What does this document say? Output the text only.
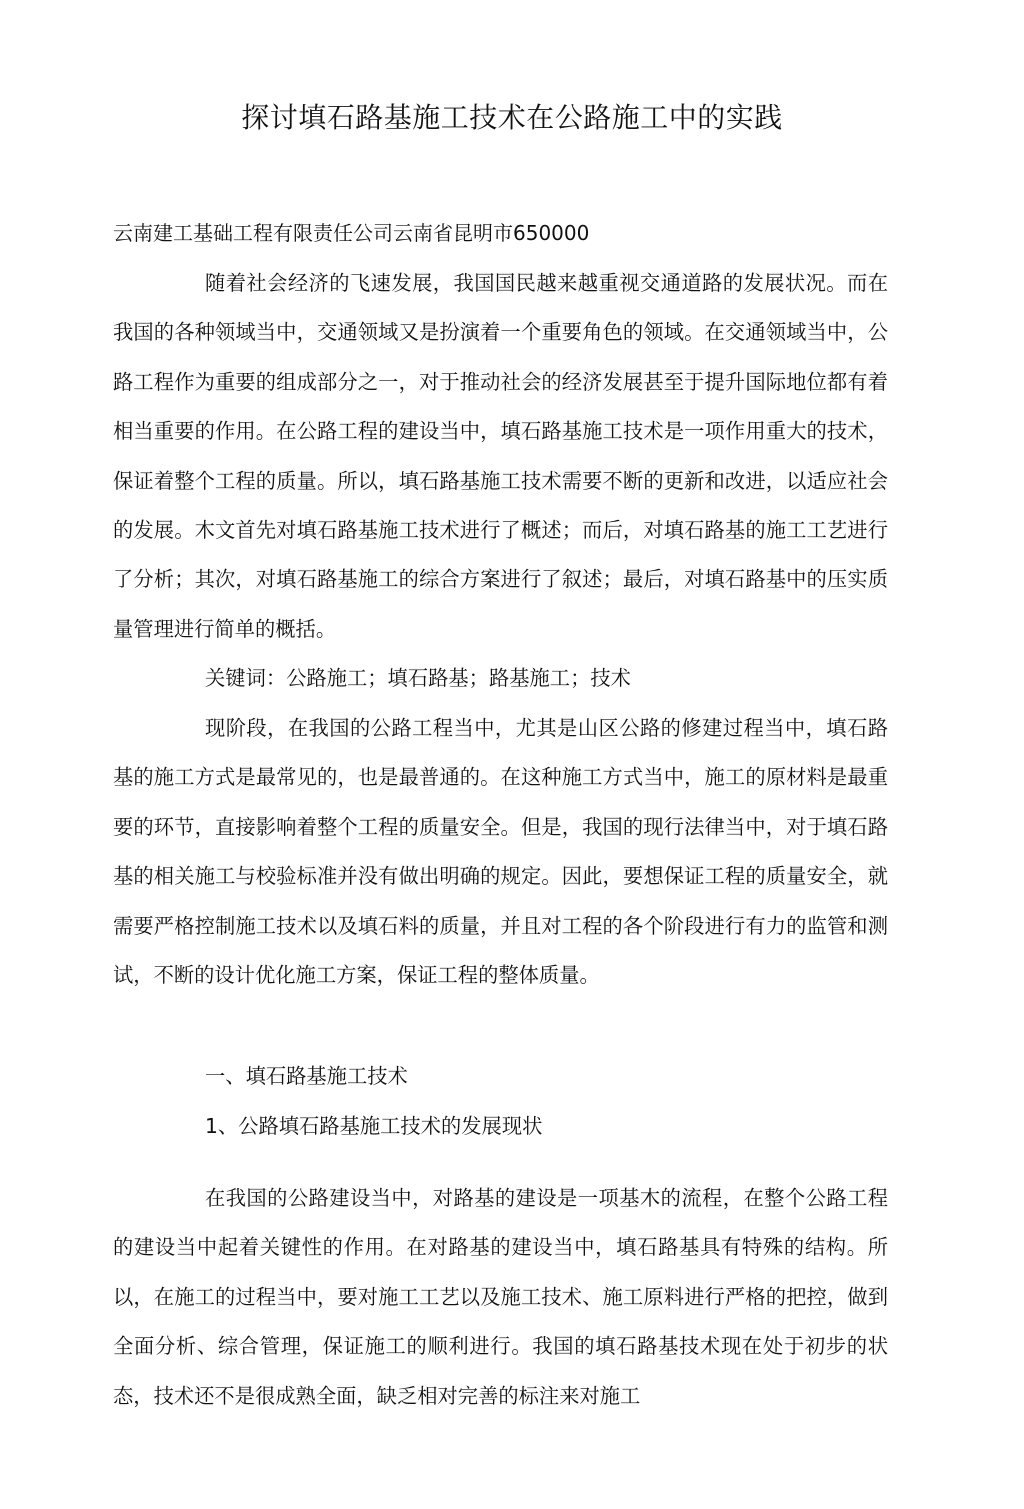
探讨填石路基施工技术在公路施工中的实践

云南建工基础工程有限责任公司云南省昆明市650000

随着社会经济的飞速发展，我国国民越来越重视交通道路的发展状况。而在我国的各种领域当中，交通领域又是扮演着一个重要角色的领域。在交通领域当中，公路工程作为重要的组成部分之一，对于推动社会的经济发展甚至于提升国际地位都有着相当重要的作用。在公路工程的建设当中，填石路基施工技术是一项作用重大的技术，保证着整个工程的质量。所以，填石路基施工技术需要不断的更新和改进，以适应社会的发展。木文首先对填石路基施工技术进行了概述；而后，对填石路基的施工工艺进行了分析；其次，对填石路基施工的综合方案进行了叙述；最后，对填石路基中的压实质量管理进行简单的概括。

关键词：公路施工；填石路基；路基施工；技术

现阶段，在我国的公路工程当中，尤其是山区公路的修建过程当中，填石路基的施工方式是最常见的，也是最普通的。在这种施工方式当中，施工的原材料是最重要的环节，直接影响着整个工程的质量安全。但是，我国的现行法律当中，对于填石路基的相关施工与校验标准并没有做出明确的规定。因此，要想保证工程的质量安全，就需要严格控制施工技术以及填石料的质量，并且对工程的各个阶段进行有力的监管和测试，不断的设计优化施工方案，保证工程的整体质量。

一、填石路基施工技术

1、公路填石路基施工技术的发展现状

在我国的公路建设当中，对路基的建设是一项基木的流程，在整个公路工程的建设当中起着关键性的作用。在对路基的建设当中，填石路基具有特殊的结构。所以，在施工的过程当中，要对施工工艺以及施工技术、施工原料进行严格的把控，做到全面分析、综合管理，保证施工的顺利进行。我国的填石路基技术现在处于初步的状态，技术还不是很成熟全面，缺乏相对完善的标注来对施工
